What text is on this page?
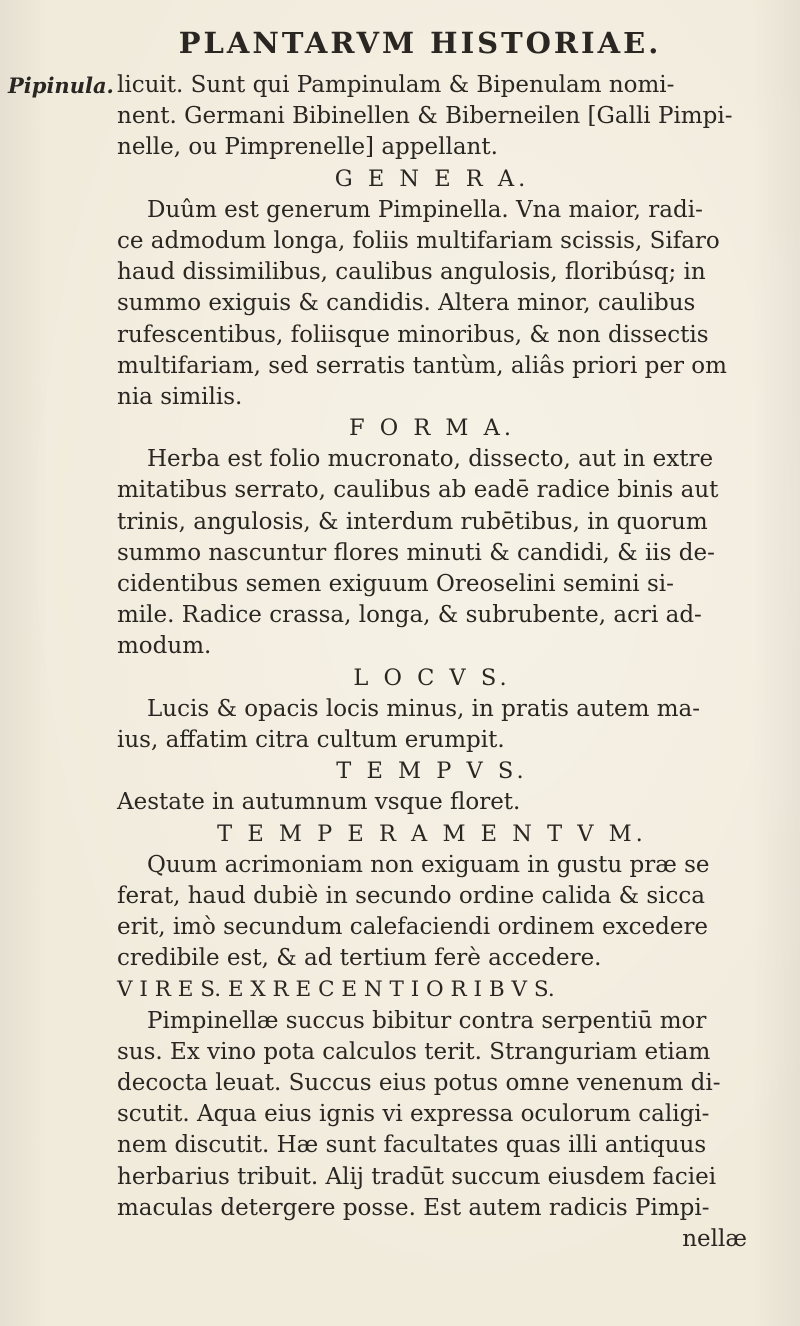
PLANTARVM HISTORIAE.
Pipinula. licuit. Sunt qui Pampinulam & Bipenulam nomi-
nent. Germani Bibinellen & Biberneilen [Galli Pimpi-
nelle, ou Pimprenelle] appellant.
G E N E R A.
Duûm est generum Pimpinella. Vna maior, radi-
ce admodum longa, foliis multifariam scissis, Sifaro
haud dissimilibus, caulibus angulosis, floribúsq; in
summo exiguis & candidis. Altera minor, caulibus
rufescentibus, foliisque minoribus, & non dissectis
multifariam, sed serratis tantùm, aliâs priori per om
nia similis.
F O R M A.
Herba est folio mucronato, dissecto, aut in extre
mitatibus serrato, caulibus ab eadē radice binis aut
trinis, angulosis, & interdum rubētibus, in quorum
summo nascuntur flores minuti & candidi, & iis de-
cidentibus semen exiguum Oreoselini semini si-
mile. Radice crassa, longa, & subrubente, acri ad-
modum.
L O C V S.
Lucis & opacis locis minus, in pratis autem ma-
ius, affatim citra cultum erumpit.
T E M P V S.
Aestate in autumnum vsque floret.
T E M P E R A M E N T V M.
Quum acrimoniam non exiguam in gustu præ se
ferat, haud dubiè in secundo ordine calida & sicca
erit, imò secundum calefaciendi ordinem excedere
credibile est, & ad tertium ferè accedere.
V I R E S. E X R E C E N T I O R I B V S.
Pimpinellæ succus bibitur contra serpentiū mor
sus. Ex vino pota calculos terit. Stranguriam etiam
decocta leuat. Succus eius potus omne venenum di-
scutit. Aqua eius ignis vi expressa oculorum caligi-
nem discutit. Hæ sunt facultates quas illi antiquus
herbarius tribuit. Alij tradūt succum eiusdem faciei
maculas detergere posse. Est autem radicis Pimpi-
nellæ
